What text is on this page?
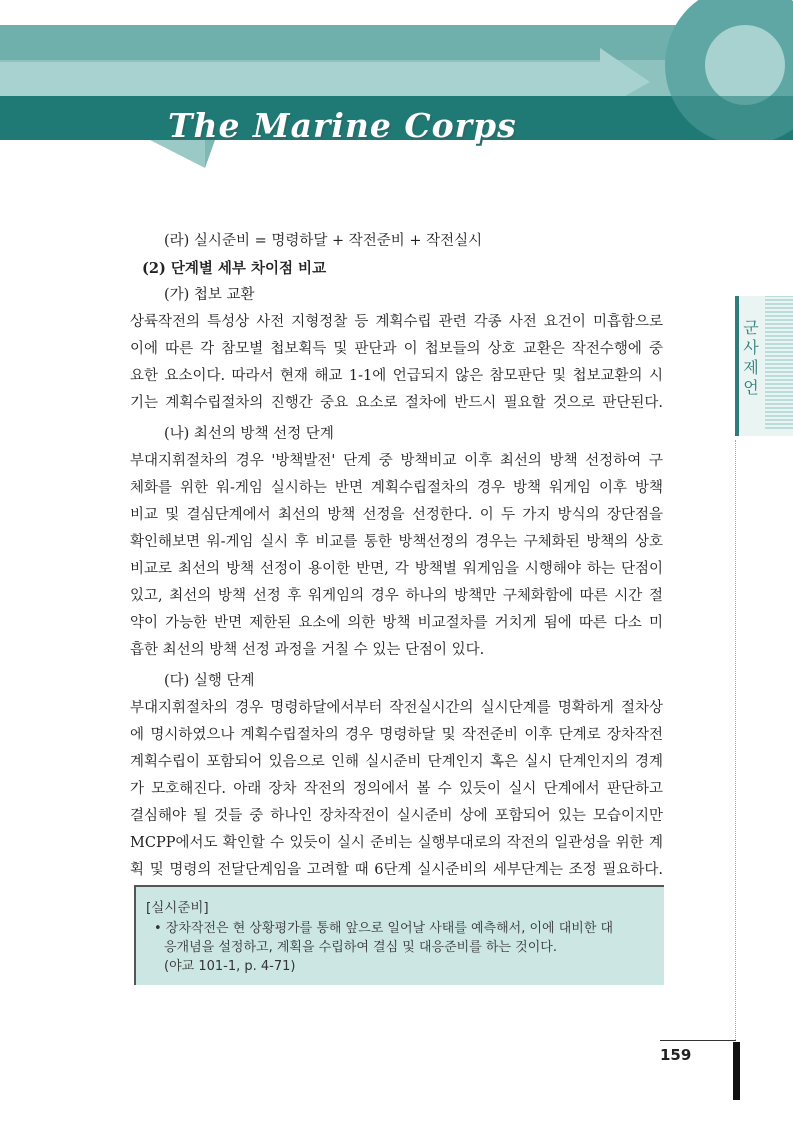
The Marine Corps
군
사
제
언
(라) 실시준비 = 명령하달 + 작전준비 + 작전실시
(2) 단계별 세부 차이점 비교
(가) 첩보 교환
상륙작전의 특성상 사전 지형정찰 등 계획수립 관련 각종 사전 요건이 미흡함으로
이에 따른 각 참모별 첩보획득 및 판단과 이 첩보들의 상호 교환은 작전수행에 중
요한 요소이다. 따라서 현재 해교 1-1에 언급되지 않은 참모판단 및 첩보교환의 시
기는 계획수립절차의 진행간 중요 요소로 절차에 반드시 필요할 것으로 판단된다.
(나) 최선의 방책 선정 단계
부대지휘절차의 경우 '방책발전' 단계 중 방책비교 이후 최선의 방책 선정하여 구
체화를 위한 워-게임 실시하는 반면 계획수립절차의 경우 방책 워게임 이후 방책
비교 및 결심단계에서 최선의 방책 선정을 선정한다. 이 두 가지 방식의 장단점을
확인해보면 워-게임 실시 후 비교를 통한 방책선정의 경우는 구체화된 방책의 상호
비교로 최선의 방책 선정이 용이한 반면, 각 방책별 워게임을 시행해야 하는 단점이
있고, 최선의 방책 선정 후 워게임의 경우 하나의 방책만 구체화함에 따른 시간 절
약이 가능한 반면 제한된 요소에 의한 방책 비교절차를 거치게 됨에 따른 다소 미
흡한 최선의 방책 선정 과정을 거칠 수 있는 단점이 있다.
(다) 실행 단계
부대지휘절차의 경우 명령하달에서부터 작전실시간의 실시단계를 명확하게 절차상
에 명시하였으나 계획수립절차의 경우 명령하달 및 작전준비 이후 단계로 장차작전
계획수립이 포함되어 있음으로 인해 실시준비 단계인지 혹은 실시 단계인지의 경계
가 모호해진다. 아래 장차 작전의 정의에서 볼 수 있듯이 실시 단계에서 판단하고
결심해야 될 것들 중 하나인 장차작전이 실시준비 상에 포함되어 있는 모습이지만
MCPP에서도 확인할 수 있듯이 실시 준비는 실행부대로의 작전의 일관성을 위한 계
획 및 명령의 전달단계임을 고려할 때 6단계 실시준비의 세부단계는 조정 필요하다.
[실시준비]
• 장차작전은 현 상황평가를 통해 앞으로 일어날 사태를 예측해서, 이에 대비한 대
응개념을 설정하고, 계획을 수립하여 결심 및 대응준비를 하는 것이다.
(야교 101-1, p. 4-71)
159
